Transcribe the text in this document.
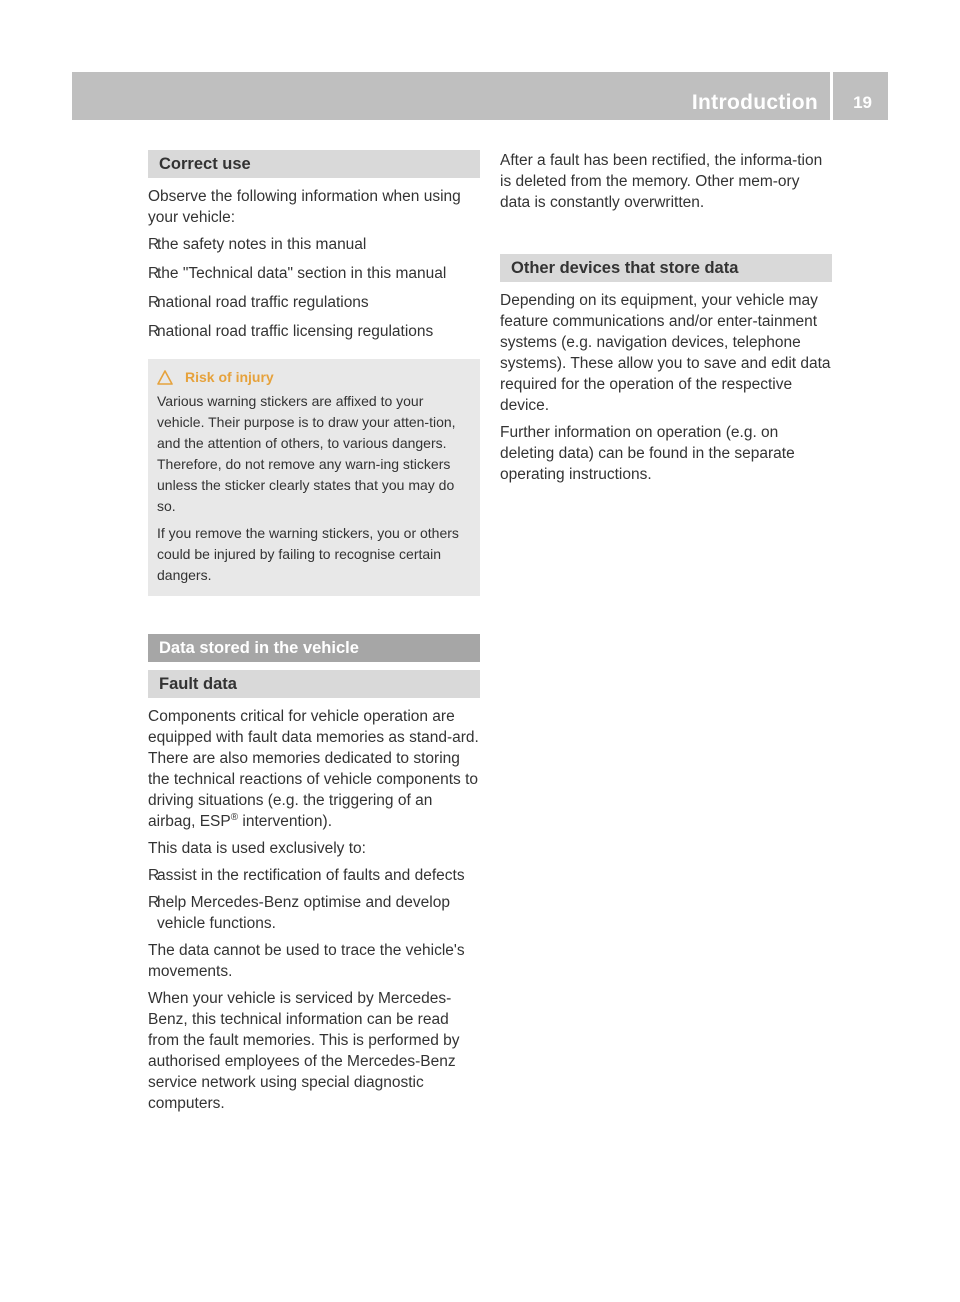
Introduction 19
Correct use

Observe the following information when using your vehicle:

R
the safety notes in this manual

R
the "Technical data" section in this manual

R
national road traffic regulations

R
national road traffic licensing regulations

Risk of injury

Various warning stickers are affixed to your vehicle. Their purpose is to draw your atten-tion, and the attention of others, to various dangers. Therefore, do not remove any warn-ing stickers unless the sticker clearly states that you may do so.

If you remove the warning stickers, you or others could be injured by failing to recognise certain dangers.

Data stored in the vehicle
Fault data

Components critical for vehicle operation are equipped with fault data memories as stand-ard. There are also memories dedicated to storing the technical reactions of vehicle components to driving situations (e.g. the triggering of an airbag, ESP® intervention).

This data is used exclusively to:

R
assist in the rectification of faults and defects

R
help Mercedes-Benz optimise and develop vehicle functions.

The data cannot be used to trace the vehicle's movements.

When your vehicle is serviced by Mercedes-Benz, this technical information can be read from the fault memories. This is performed by authorised employees of the Mercedes-Benz service network using special diagnostic computers.

After a fault has been rectified, the informa-tion is deleted from the memory. Other mem-ory data is constantly overwritten.

Other devices that store data

Depending on its equipment, your vehicle may feature communications and/or enter-tainment systems (e.g. navigation devices, telephone systems). These allow you to save and edit data required for the operation of the respective device.

Further information on operation (e.g. on deleting data) can be found in the separate operating instructions.
